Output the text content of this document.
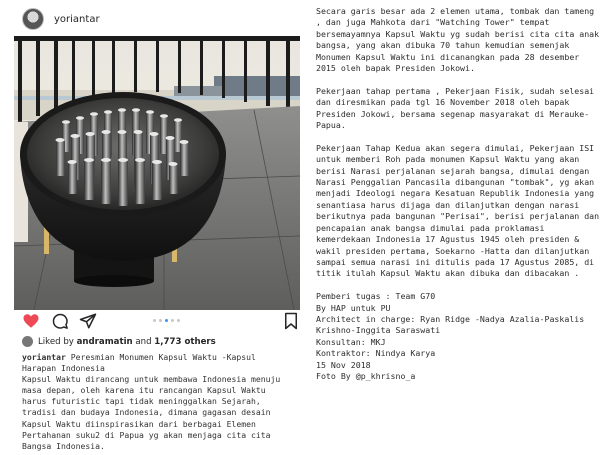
yoriantar
Liked by
andramatin
and
1,773 others

yoriantar Peresmian Monumen Kapsul Waktu -Kapsul Harapan Indonesia

Kapsul Waktu dirancang untuk membawa Indonesia menuju masa depan, oleh karena itu rancangan Kapsul Waktu harus futuristic tapi tidak meninggalkan Sejarah, tradisi dan budaya Indonesia, dimana gagasan desain Kapsul Waktu diinspirasikan dari berbagai Elemen Pertahanan suku2 di Papua yg akan menjaga cita cita Bangsa Indonesia.

Secara garis besar ada 2 elemen utama, tombak dan tameng , dan juga Mahkota dari "Watching Tower" tempat bersemayamnya Kapsul Waktu yg sudah berisi cita cita anak bangsa, yang akan dibuka 70 tahun kemudian semenjak Monumen Kapsul Waktu ini dicanangkan pada 28 desember 2015 oleh bapak Presiden Jokowi.

Pekerjaan tahap pertama , Pekerjaan Fisik, sudah selesai dan diresmikan pada tgl 16 November 2018 oleh bapak Presiden Jokowi, bersama segenap masyarakat di Merauke-Papua.

Pekerjaan Tahap Kedua akan segera dimulai, Pekerjaan ISI untuk memberi Roh pada monumen Kapsul Waktu yang akan berisi Narasi perjalanan sejarah bangsa, dimulai dengan Narasi Penggalian Pancasila dibangunan "tombak", yg akan menjadi Ideologi negara Kesatuan Republik Indonesia yang senantiasa harus dijaga dan dilanjutkan dengan narasi berikutnya pada bangunan "Perisai", berisi perjalanan dan pencapaian anak bangsa dimulai pada proklamasi kemerdekaan Indonesia 17 Agustus 1945 oleh presiden & wakil presiden pertama, Soekarno -Hatta dan dilanjutkan sampai semua narasi ini ditulis pada 17 Agustus 2085, di titik itulah Kapsul Waktu akan dibuka dan dibacakan .

Pemberi tugas : Team G70
By HAP untuk PU
Architect in charge: Ryan Ridge -Nadya Azalia-Paskalis Krishno-Inggita Saraswati
Konsultan: MKJ
Kontraktor: Nindya Karya
15 Nov 2018
Foto By @p_khrisno_a
